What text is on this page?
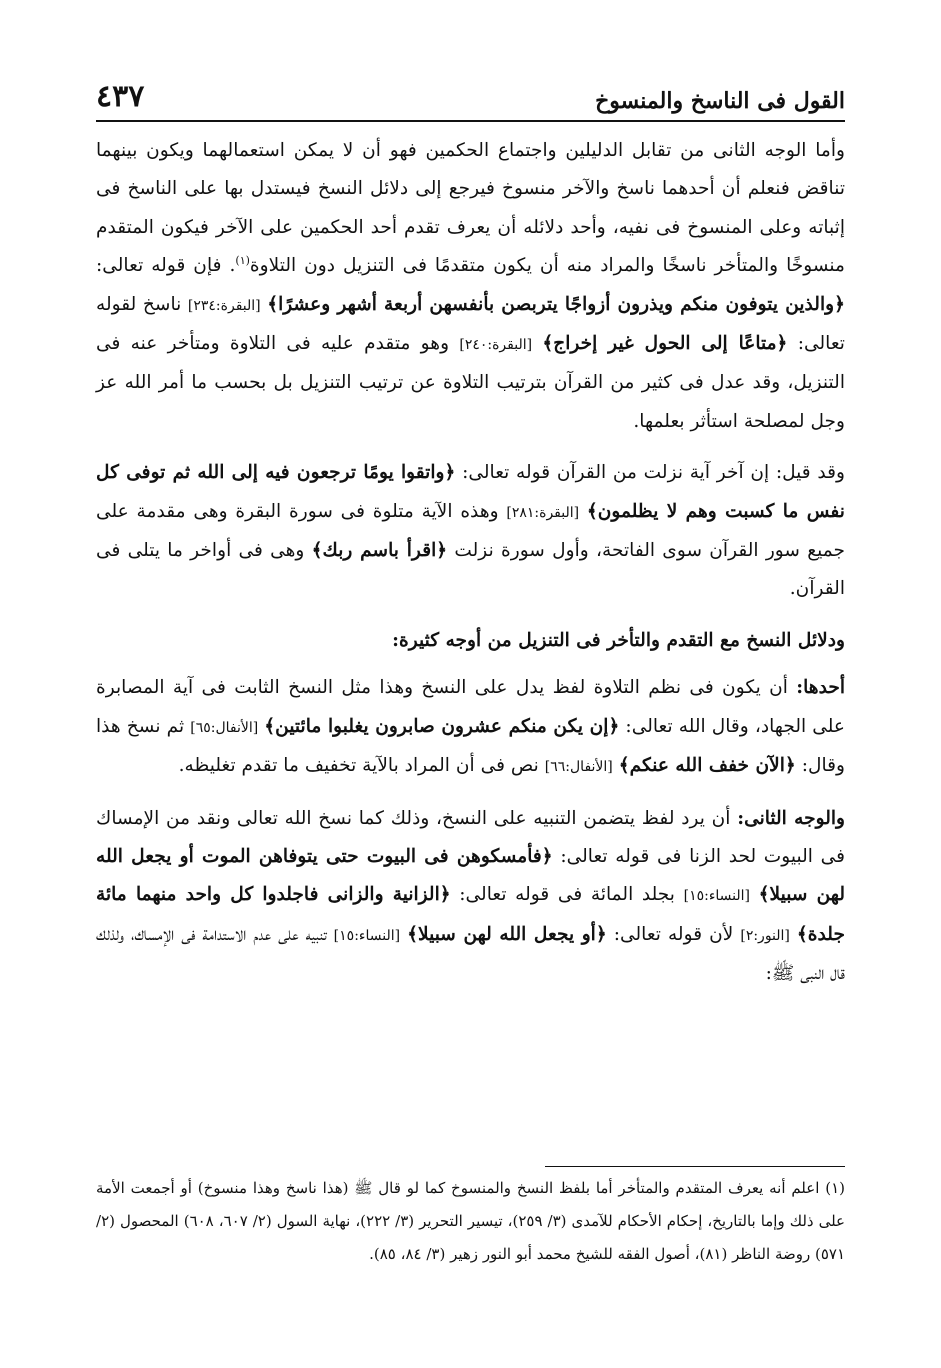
القول فى الناسخ والمنسوخ
٤٣٧

وأما الوجه الثانى من تقابل الدليلين واجتماع الحكمين فهو أن لا يمكن استعمالهما ويكون بينهما تناقض فنعلم أن أحدهما ناسخ والآخر منسوخ فيرجع إلى دلائل النسخ فيستدل بها على الناسخ فى إثباته وعلى المنسوخ فى نفيه، وأحد دلائله أن يعرف تقدم أحد الحكمين على الآخر فيكون المتقدم منسوخًا والمتأخر ناسخًا والمراد منه أن يكون متقدمًا فى التنزيل دون التلاوة$^{(١)}$. فإن قوله تعالى: ﴿والذين يتوفون منكم ويذرون أزواجًا يتربصن بأنفسهن أربعة أشهر وعشرًا﴾ [البقرة:٢٣٤] ناسخ لقوله تعالى: ﴿متاعًا إلى الحول غير إخراج﴾ [البقرة:٢٤٠] وهو متقدم عليه فى التلاوة ومتأخر عنه فى التنزيل، وقد عدل فى كثير من القرآن بترتيب التلاوة عن ترتيب التنزيل بل بحسب ما أمر الله عز وجل لمصلحة استأثر بعلمها.

وقد قيل: إن آخر آية نزلت من القرآن قوله تعالى: ﴿واتقوا يومًا ترجعون فيه إلى الله ثم توفى كل نفس ما كسبت وهم لا يظلمون﴾ [البقرة:٢٨١] وهذه الآية متلوة فى سورة البقرة وهى مقدمة على جميع سور القرآن سوى الفاتحة، وأول سورة نزلت ﴿اقرأ باسم ربك﴾ وهى فى أواخر ما يتلى فى القرآن.

ودلائل النسخ مع التقدم والتأخر فى التنزيل من أوجه كثيرة:

أحدها: أن يكون فى نظم التلاوة لفظ يدل على النسخ وهذا مثل النسخ الثابت فى آية المصابرة على الجهاد، وقال الله تعالى: ﴿إن يكن منكم عشرون صابرون يغلبوا مائتين﴾ [الأنفال:٦٥] ثم نسخ هذا وقال: ﴿الآن خفف الله عنكم﴾ [الأنفال:٦٦] نص فى أن المراد بالآية تخفيف ما تقدم تغليظه.

والوجه الثانى: أن يرد لفظ يتضمن التنبيه على النسخ، وذلك كما نسخ الله تعالى ونقد من الإمساك فى البيوت لحد الزنا فى قوله تعالى: ﴿فأمسكوهن فى البيوت حتى يتوفاهن الموت أو يجعل الله لهن سبيلا﴾ [النساء:١٥] بجلد المائة فى قوله تعالى: ﴿الزانية والزانى فاجلدوا كل واحد منهما مائة جلدة﴾ [النور:٢] لأن قوله تعالى: ﴿أو يجعل الله لهن سبيلا﴾ [النساء:١٥] تنبيه على عدم الاستدامة فى الإمساك، ولذلك قال النبى ﷺ:

(١) اعلم أنه يعرف المتقدم والمتأخر أما بلفظ النسخ والمنسوخ كما لو قال ﷺ (هذا ناسخ وهذا منسوخ) أو أجمعت الأمة على ذلك وإما بالتاريخ، إحكام الأحكام للآمدى (٣/ ٢٥٩)، تيسير التحرير (٣/ ٢٢٢)، نهاية السول (٢/ ٦٠٧، ٦٠٨) المحصول (٢/ ٥٧١) روضة الناظر (٨١)، أصول الفقه للشيخ محمد أبو النور زهير (٣/ ٨٤، ٨٥).
